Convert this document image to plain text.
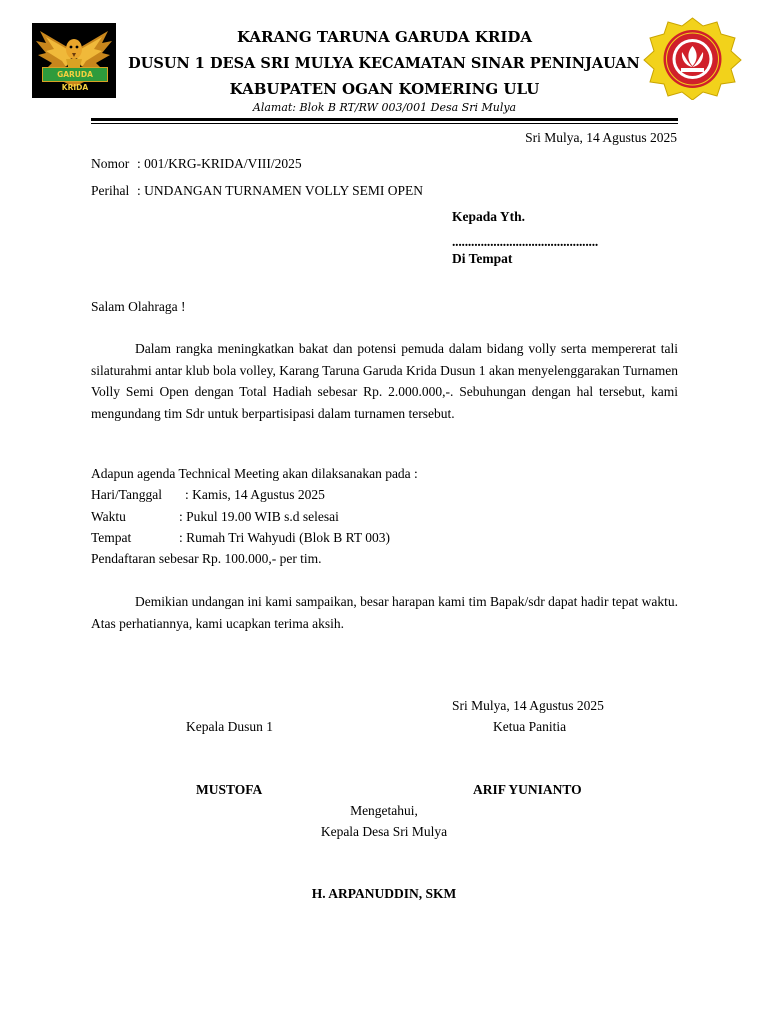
GARUDA KRIDA
KARANG TARUNA GARUDA KRIDA
DUSUN 1 DESA SRI MULYA KECAMATAN SINAR PENINJAUAN
KABUPATEN OGAN KOMERING ULU
Alamat: Blok B RT/RW 003/001 Desa Sri Mulya
Sri Mulya, 14 Agustus 2025
Nomor : 001/KRG-KRIDA/VIII/2025
Perihal : UNDANGAN TURNAMEN VOLLY SEMI OPEN
Kepada Yth.
..............................................
Di Tempat
Salam Olahraga !
Dalam rangka meningkatkan bakat dan potensi pemuda dalam bidang volly serta mempererat tali silaturahmi antar klub bola volley, Karang Taruna Garuda Krida Dusun 1 akan menyelenggarakan Turnamen Volly Semi Open dengan Total Hadiah sebesar Rp. 2.000.000,-. Sebuhungan dengan hal tersebut, kami mengundang tim Sdr untuk berpartisipasi dalam turnamen tersebut.
Adapun agenda Technical Meeting akan dilaksanakan pada :
Hari/Tanggal : Kamis, 14 Agustus 2025
Waktu	: Pukul 19.00 WIB s.d selesai
Tempat	: Rumah Tri Wahyudi (Blok B RT 003)
Pendaftaran sebesar Rp. 100.000,- per tim.
Demikian undangan ini kami sampaikan, besar harapan kami tim Bapak/sdr dapat hadir tepat waktu. Atas perhatiannya, kami ucapkan terima aksih.
Sri Mulya, 14 Agustus 2025
Kepala Dusun 1	Ketua Panitia
MUSTOFA	ARIF YUNIANTO
Mengetahui,
Kepala Desa Sri Mulya
H. ARPANUDDIN, SKM
